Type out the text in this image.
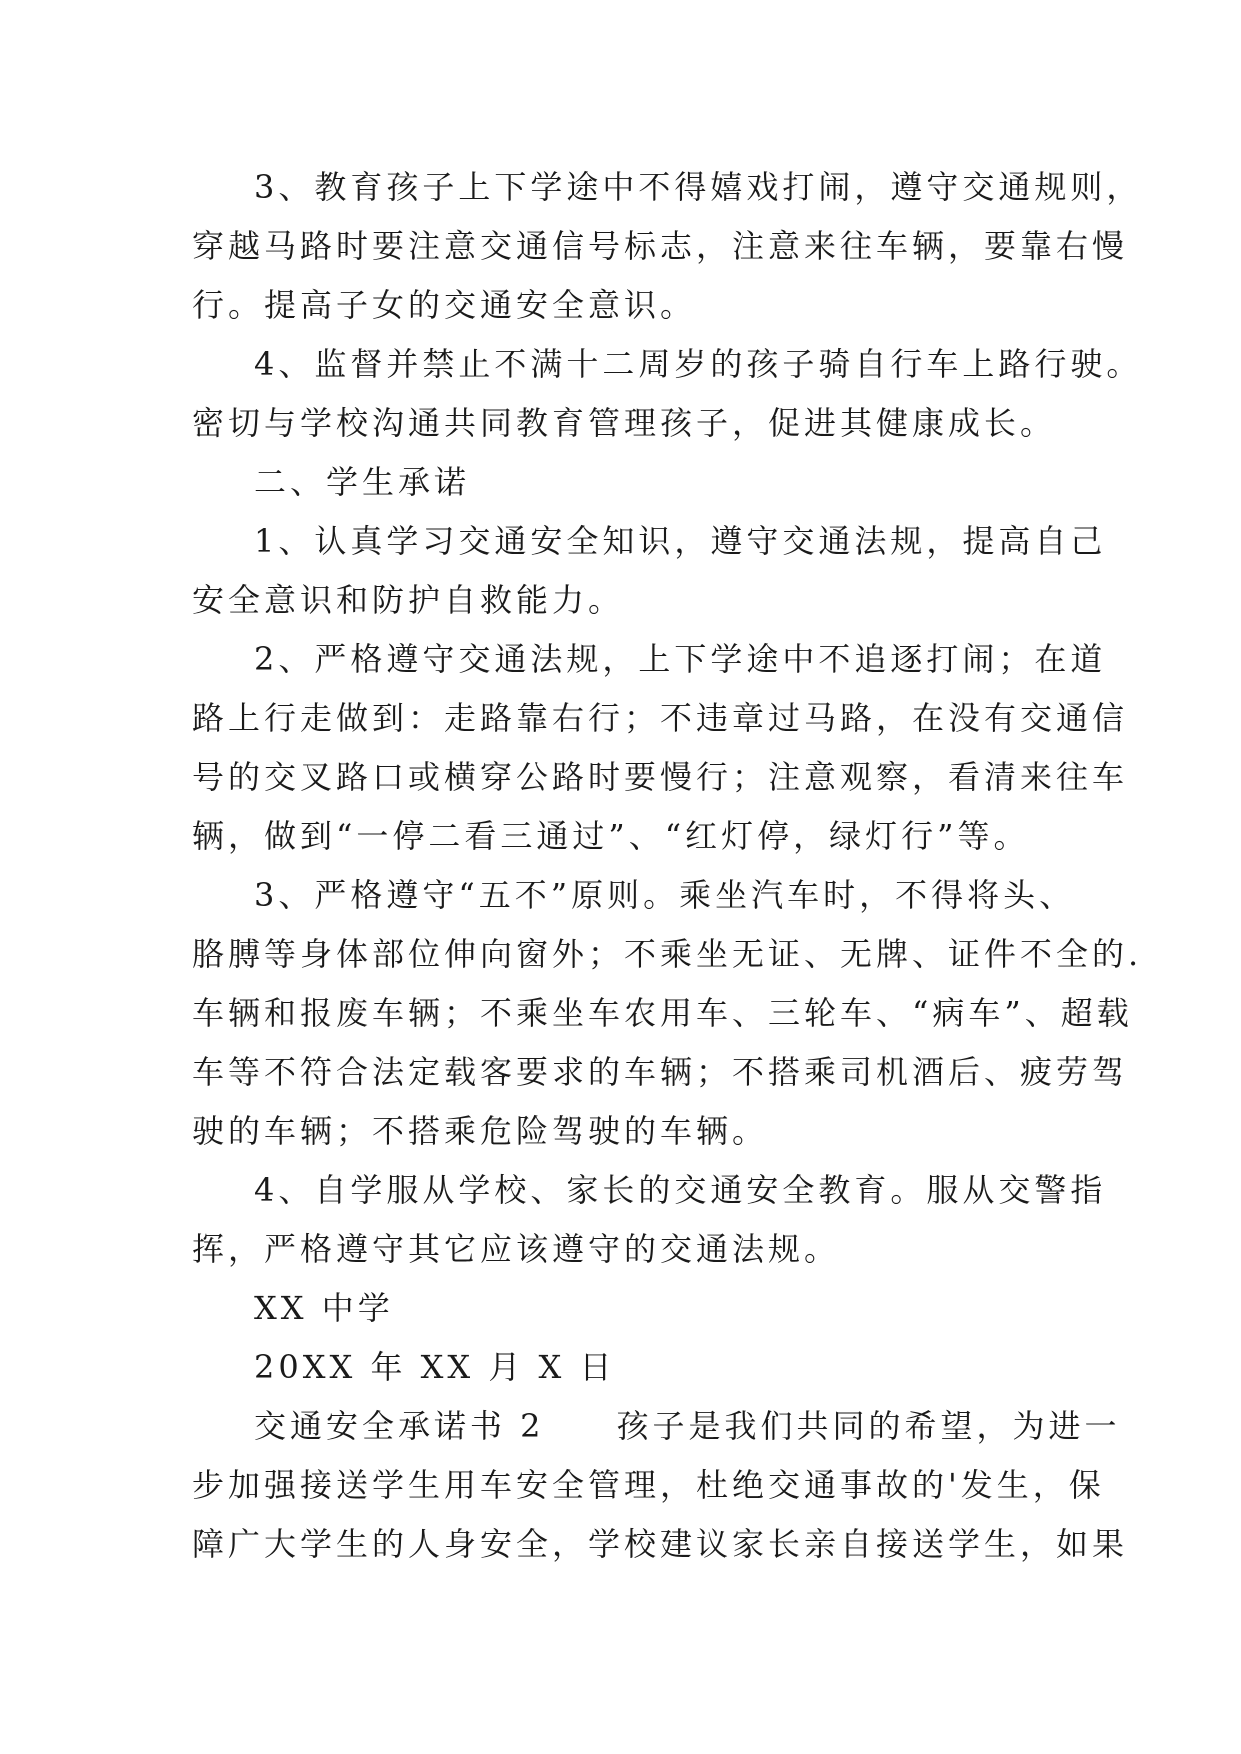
3、教育孩子上下学途中不得嬉戏打闹，遵守交通规则，
穿越马路时要注意交通信号标志，注意来往车辆，要靠右慢
行。提高子女的交通安全意识。
4、监督并禁止不满十二周岁的孩子骑自行车上路行驶。
密切与学校沟通共同教育管理孩子，促进其健康成长。
二、学生承诺
1、认真学习交通安全知识，遵守交通法规，提高自己
安全意识和防护自救能力。
2、严格遵守交通法规，上下学途中不追逐打闹；在道
路上行走做到：走路靠右行；不违章过马路，在没有交通信
号的交叉路口或横穿公路时要慢行；注意观察，看清来往车
辆，做到“一停二看三通过”、“红灯停，绿灯行”等。
3、严格遵守“五不”原则。乘坐汽车时，不得将头、
胳膊等身体部位伸向窗外；不乘坐无证、无牌、证件不全的.
车辆和报废车辆；不乘坐车农用车、三轮车、“病车”、超载
车等不符合法定载客要求的车辆；不搭乘司机酒后、疲劳驾
驶的车辆；不搭乘危险驾驶的车辆。
4、自学服从学校、家长的交通安全教育。服从交警指
挥，严格遵守其它应该遵守的交通法规。
XX 中学
20XX 年 XX 月 X 日
交通安全承诺书 2　　孩子是我们共同的希望，为进一
步加强接送学生用车安全管理，杜绝交通事故的'发生，保
障广大学生的人身安全，学校建议家长亲自接送学生，如果
